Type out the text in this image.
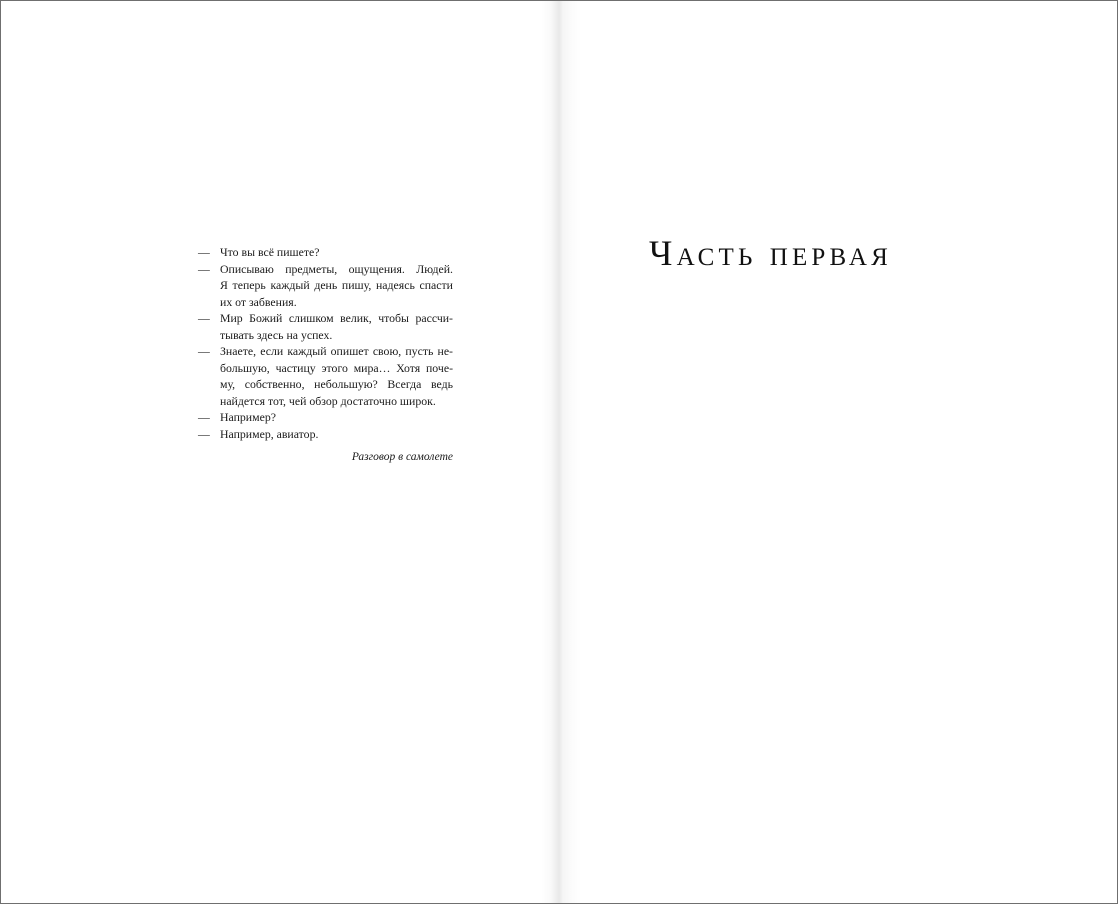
— Что вы всё пишете?
— Описываю предметы, ощущения. Людей.
Я теперь каждый день пишу, надеясь спасти
их от забвения.
— Мир Божий слишком велик, чтобы рассчи-
тывать здесь на успех.
— Знаете, если каждый опишет свою, пусть не-
большую, частицу этого мира… Хотя поче-
му, собственно, небольшую? Всегда ведь
найдется тот, чей обзор достаточно широк.
— Например?
— Например, авиатор.
Разговор в самолете
Часть первая
